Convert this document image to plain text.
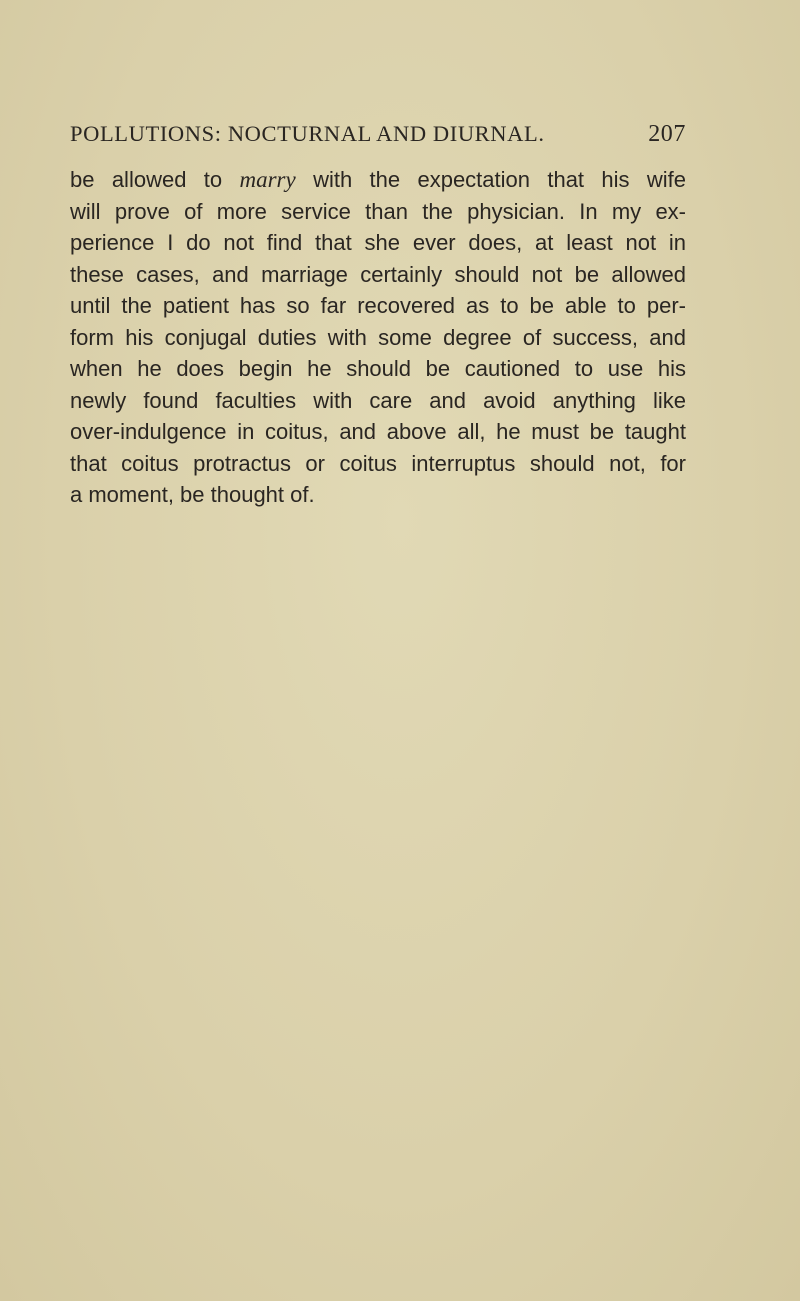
POLLUTIONS: NOCTURNAL AND DIURNAL.	207
be allowed to marry with the expectation that his wife
will prove of more service than the physician. In my ex-
perience I do not find that she ever does, at least not in
these cases, and marriage certainly should not be allowed
until the patient has so far recovered as to be able to per-
form his conjugal duties with some degree of success, and
when he does begin he should be cautioned to use his
newly found faculties with care and avoid anything like
over-indulgence in coitus, and above all, he must be taught
that coitus protractus or coitus interruptus should not, for
a moment, be thought of.
